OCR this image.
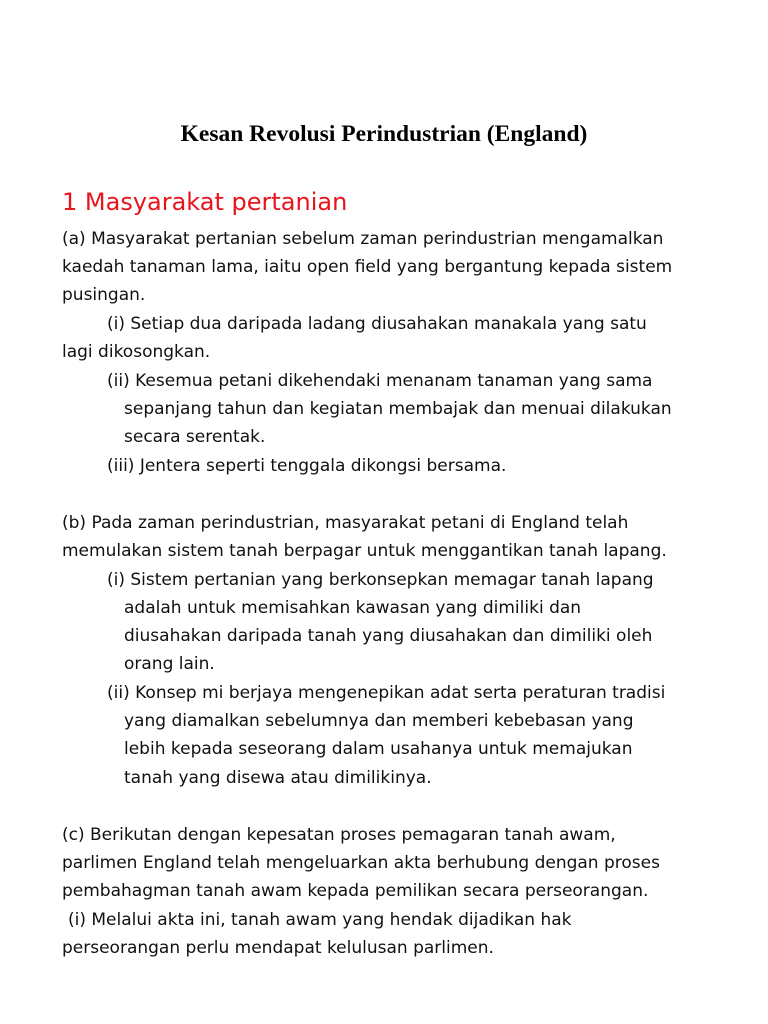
Kesan Revolusi Perindustrian (England)
1 Masyarakat pertanian
(a) Masyarakat pertanian sebelum zaman perindustrian mengamalkan
kaedah tanaman lama, iaitu open field yang bergantung kepada sistem
pusingan.
(i) Setiap dua daripada ladang diusahakan manakala yang satu
lagi dikosongkan.
(ii) Kesemua petani dikehendaki menanam tanaman yang sama
sepanjang tahun dan kegiatan membajak dan menuai dilakukan
secara serentak.
(iii) Jentera seperti tenggala dikongsi bersama.
(b) Pada zaman perindustrian, masyarakat petani di England telah
memulakan sistem tanah berpagar untuk menggantikan tanah lapang.
(i) Sistem pertanian yang berkonsepkan memagar tanah lapang
adalah untuk memisahkan kawasan yang dimiliki dan
diusahakan daripada tanah yang diusahakan dan dimiliki oleh
orang lain.
(ii) Konsep mi berjaya mengenepikan adat serta peraturan tradisi
yang diamalkan sebelumnya dan memberi kebebasan yang
lebih kepada seseorang dalam usahanya untuk memajukan
tanah yang disewa atau dimilikinya.
(c) Berikutan dengan kepesatan proses pemagaran tanah awam,
parlimen England telah mengeluarkan akta berhubung dengan proses
pembahagman tanah awam kepada pemilikan secara perseorangan.
(i) Melalui akta ini, tanah awam yang hendak dijadikan hak
perseorangan perlu mendapat kelulusan parlimen.
